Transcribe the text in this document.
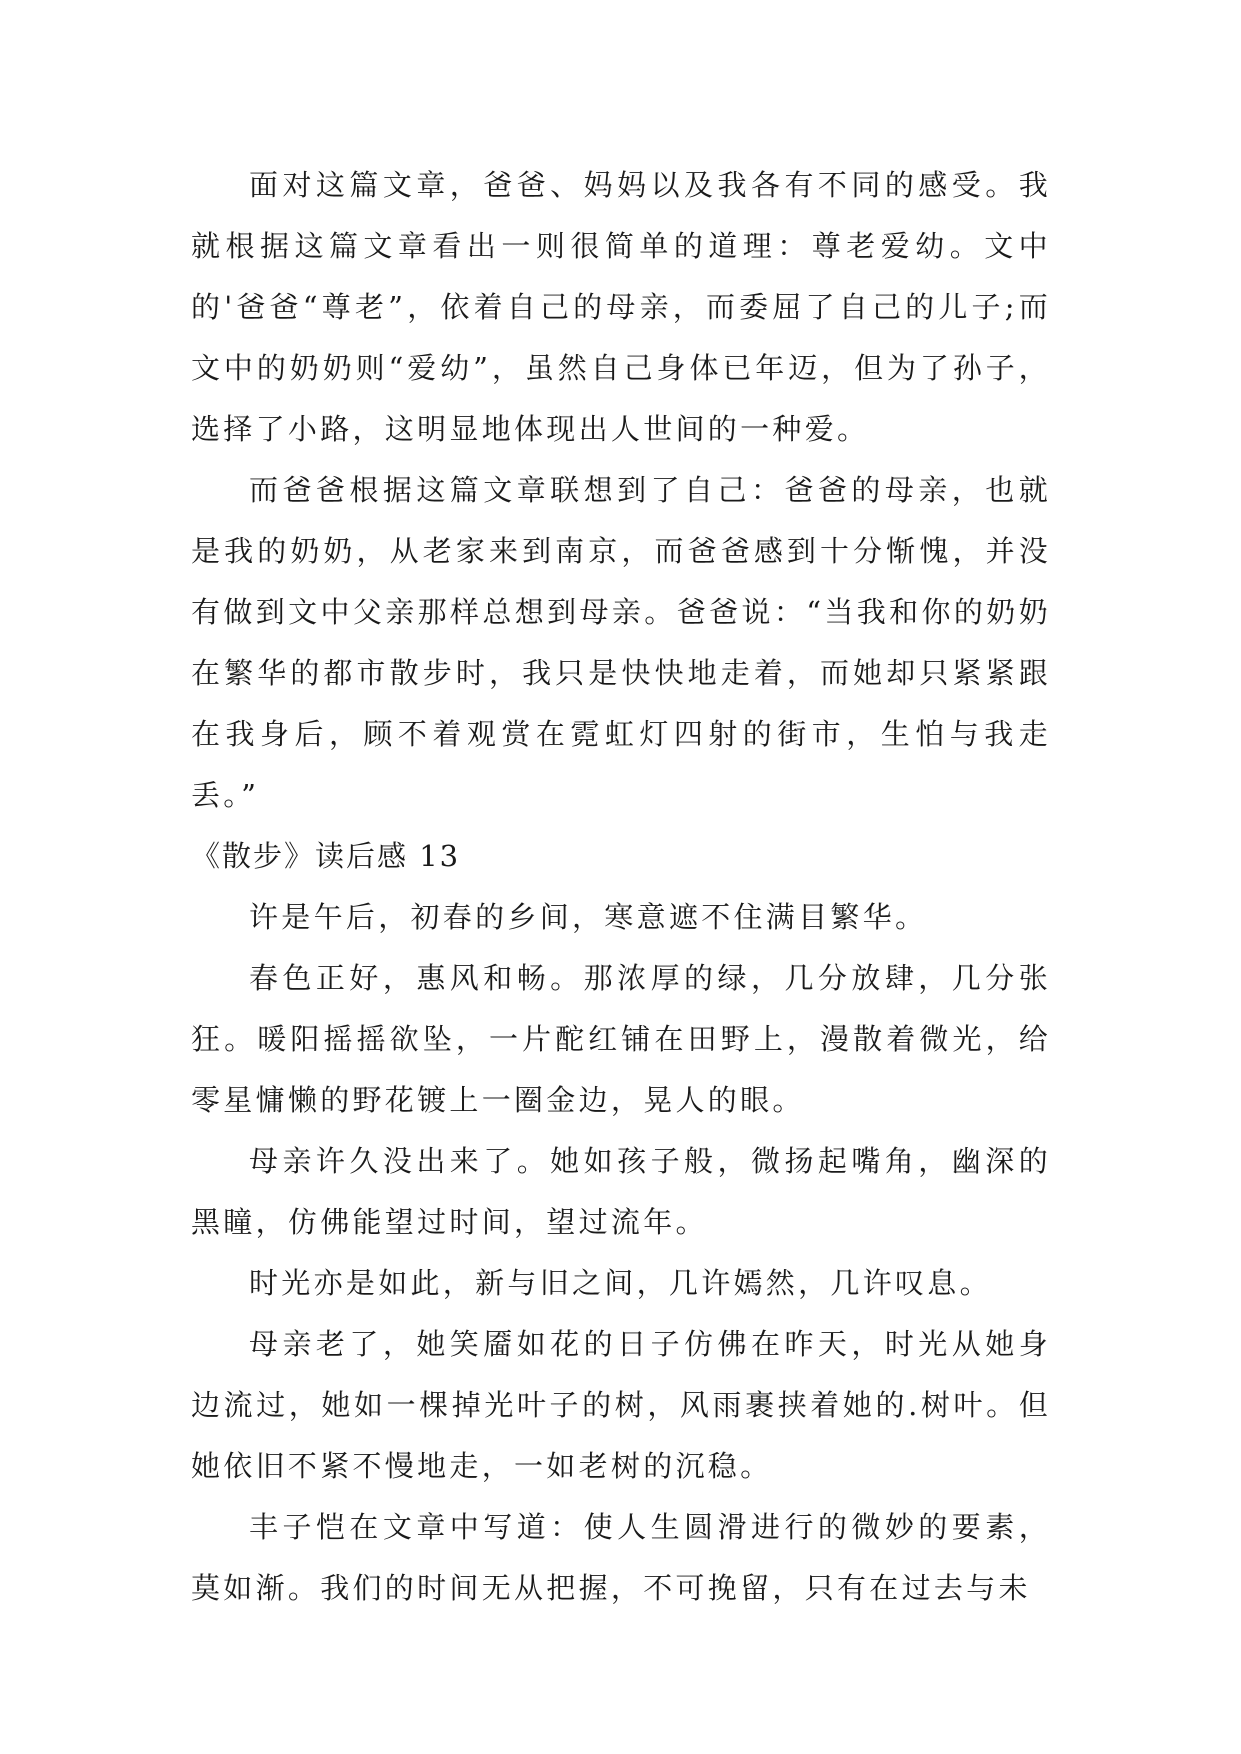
面对这篇文章，爸爸、妈妈以及我各有不同的感受。我就根据这篇文章看出一则很简单的道理：尊老爱幼。文中的'爸爸“尊老”，依着自己的母亲，而委屈了自己的儿子;而文中的奶奶则“爱幼”，虽然自己身体已年迈，但为了孙子，选择了小路，这明显地体现出人世间的一种爱。

而爸爸根据这篇文章联想到了自己：爸爸的母亲，也就是我的奶奶，从老家来到南京，而爸爸感到十分惭愧，并没有做到文中父亲那样总想到母亲。爸爸说：“当我和你的奶奶在繁华的都市散步时，我只是快快地走着，而她却只紧紧跟在我身后，顾不着观赏在霓虹灯四射的街市，生怕与我走丢。”

《散步》读后感 13

许是午后，初春的乡间，寒意遮不住满目繁华。

春色正好，惠风和畅。那浓厚的绿，几分放肆，几分张狂。暖阳摇摇欲坠，一片酡红铺在田野上，漫散着微光，给零星慵懒的野花镀上一圈金边，晃人的眼。

母亲许久没出来了。她如孩子般，微扬起嘴角，幽深的黑瞳，仿佛能望过时间，望过流年。

时光亦是如此，新与旧之间，几许嫣然，几许叹息。

母亲老了，她笑靥如花的日子仿佛在昨天，时光从她身边流过，她如一棵掉光叶子的树，风雨裹挟着她的.树叶。但她依旧不紧不慢地走，一如老树的沉稳。

丰子恺在文章中写道：使人生圆滑进行的微妙的要素，莫如渐。我们的时间无从把握，不可挽留，只有在过去与未
